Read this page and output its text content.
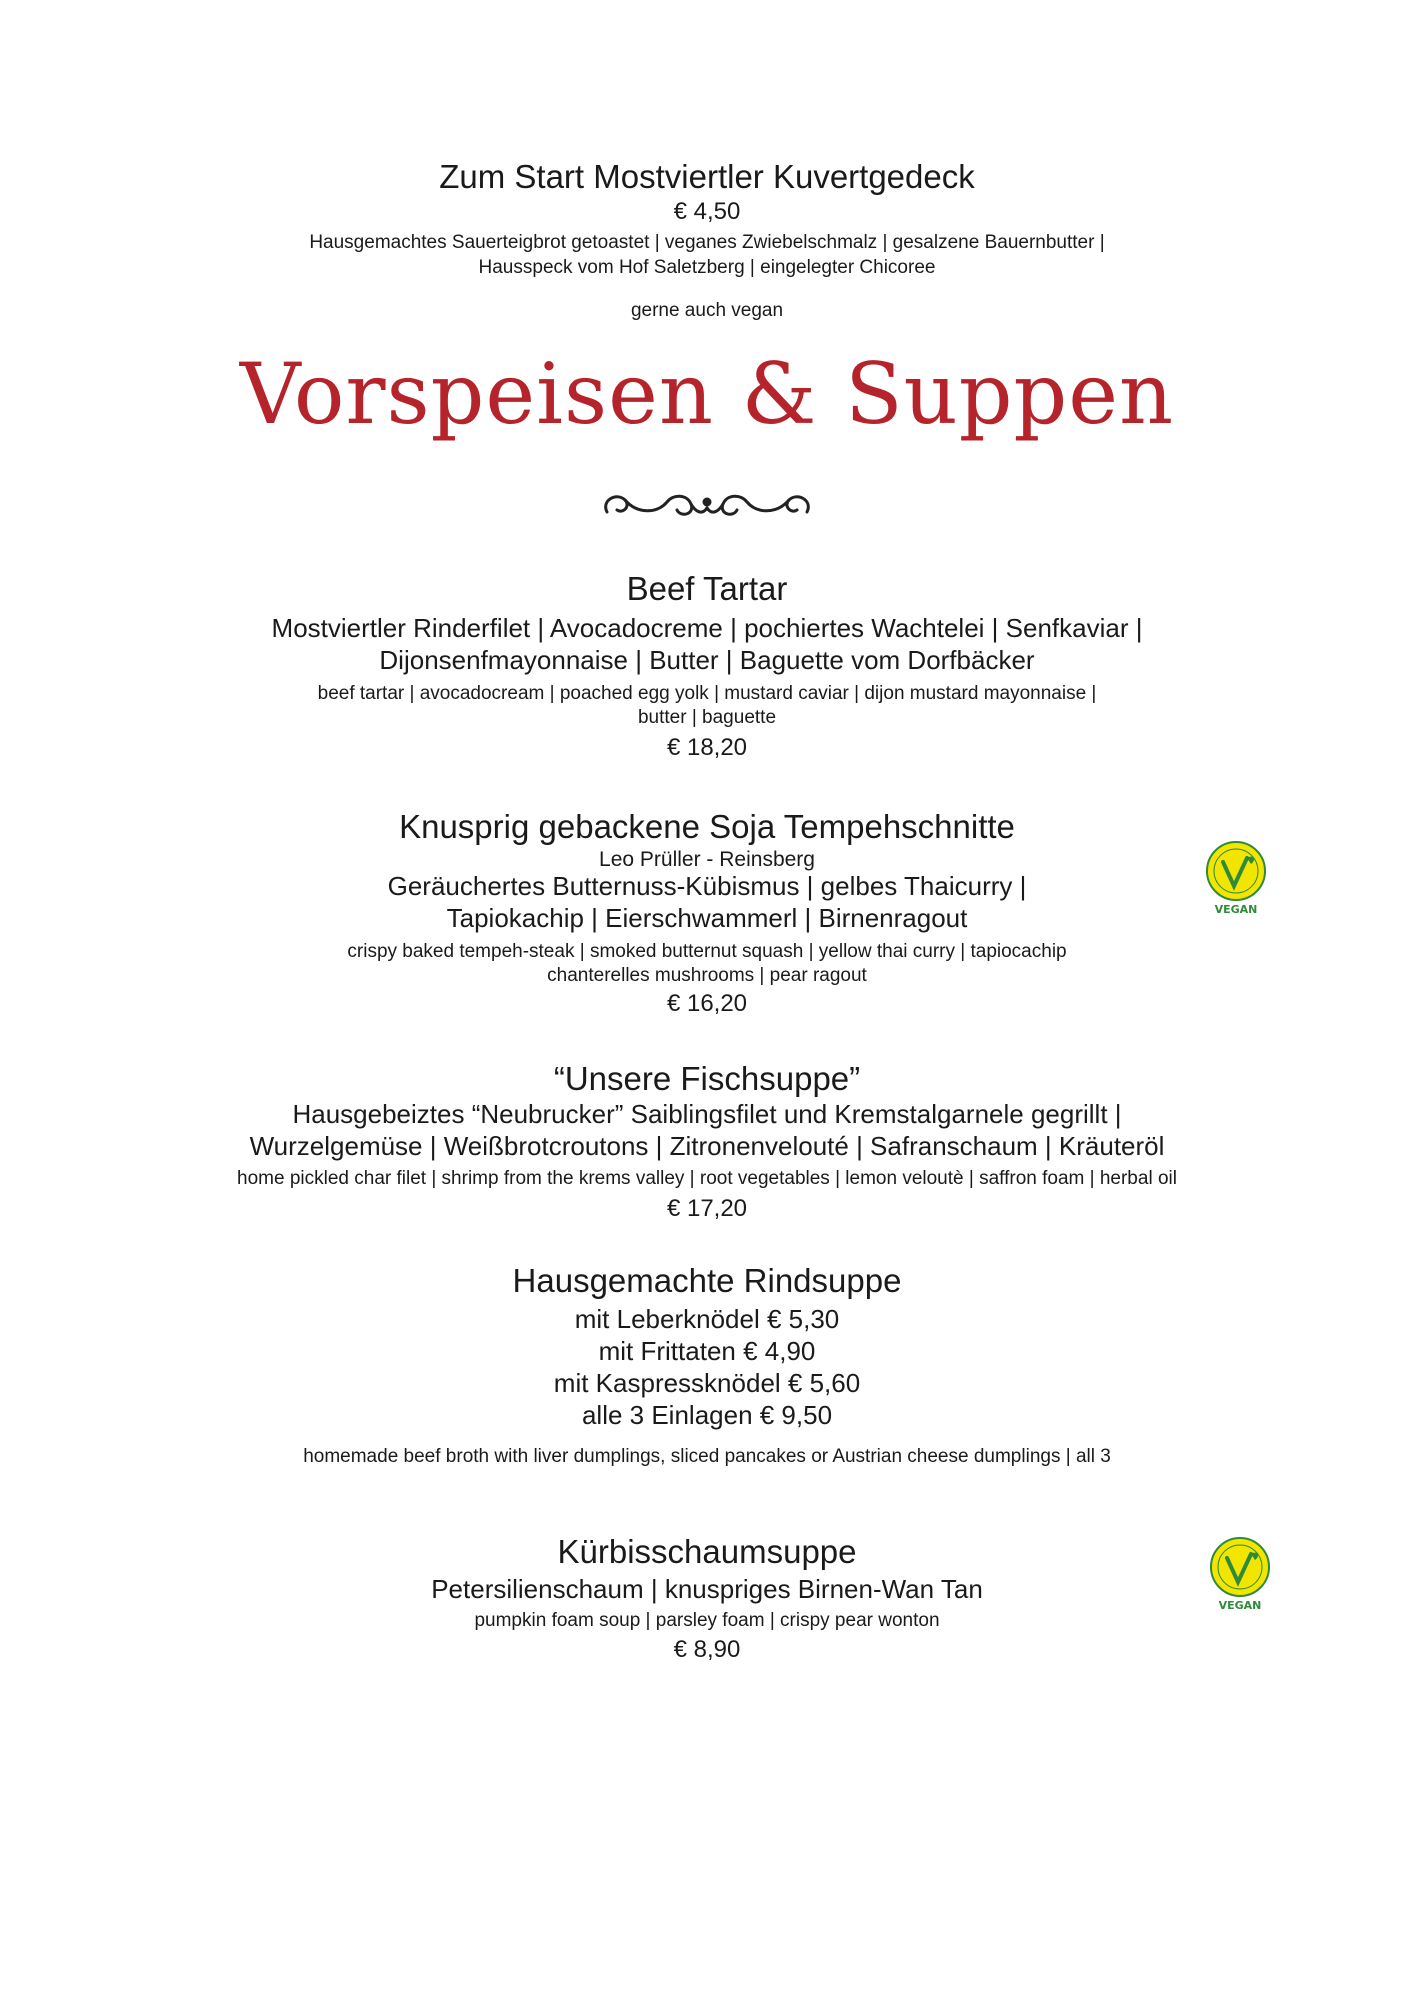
Zum Start Mostviertler Kuvertgedeck
€ 4,50
Hausgemachtes Sauerteigbrot getoastet | veganes Zwiebelschmalz | gesalzene Bauernbutter |
Hausspeck vom Hof Saletzberg | eingelegter Chicoree
gerne auch vegan
Vorspeisen & Suppen
Beef Tartar
Mostviertler Rinderfilet | Avocadocreme | pochiertes Wachtelei | Senfkaviar |
Dijonsenfmayonnaise | Butter | Baguette vom Dorfbäcker
beef tartar | avocadocream | poached egg yolk | mustard caviar | dijon mustard mayonnaise |
butter | baguette
€ 18,20
Knusprig gebackene Soja Tempehschnitte
Leo Prüller - Reinsberg
Geräuchertes Butternuss-Kübismus | gelbes Thaicurry |
Tapiokachip | Eierschwammerl | Birnenragout
crispy baked tempeh-steak | smoked butternut squash | yellow thai curry | tapiocachip
chanterelles mushrooms | pear ragout
€ 16,20
VEGAN
“Unsere Fischsuppe”
Hausgebeiztes “Neubrucker” Saiblingsfilet und Kremstalgarnele gegrillt |
Wurzelgemüse | Weißbrotcroutons | Zitronenvelouté | Safranschaum | Kräuteröl
home pickled char filet | shrimp from the krems valley | root vegetables | lemon veloutè | saffron foam | herbal oil
€ 17,20
Hausgemachte Rindsuppe
mit Leberknödel € 5,30
mit Frittaten € 4,90
mit Kaspressknödel € 5,60
alle 3 Einlagen € 9,50
homemade beef broth with liver dumplings, sliced pancakes or Austrian cheese dumplings | all 3
Kürbisschaumsuppe
Petersilienschaum | knuspriges Birnen-Wan Tan
pumpkin foam soup | parsley foam | crispy pear wonton
€ 8,90
VEGAN
